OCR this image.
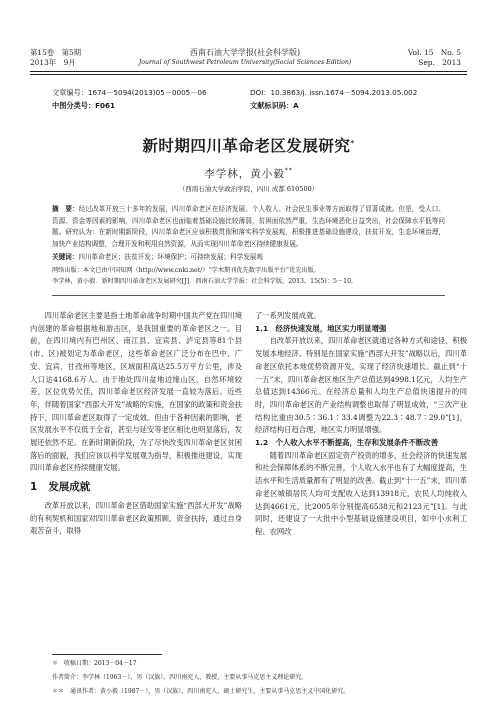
第15卷　第5期
2013年　9月
西南石油大学学报(社会科学版)
Journal of Southwest Petroleum University(Social Sciences Edition)
Vol. 15　No. 5
Sep.　2013
文章编号：1674－5094(2013)05－0005－06	DOI：10.3863/j. issn.1674－5094.2013.05.002
中图分类号：F061	文献标识码：A
新时期四川革命老区发展研究*
李学林，黄小毅**
（西南石油大学政治学院，四川 成都 610500）
摘　要：经过改革开放三十多年的发展，四川革命老区在经济发展、个人收入、社会民生事业等方面取得了显著成就。但是，受人口、资源、资金等因素的影响，四川革命老区也面临着基础设施比较薄弱，贫困面依然严重，生态环境恶化日益突出，社会保障水平低等问题。研究认为：在新时期新阶段，四川革命老区应该积极贯彻和落实科学发展观，积极推进基础设施建设，扶贫开发，生态环境治理，加快产业结构调整，合理开发和利用自然资源，从而实现四川革命老区持续健康发展。
关键词：四川革命老区；扶贫开发；环境保护；可持续发展；科学发展观
网络出版：本文已由中国知网（http://www.cnki.net/）“学术期刊优先数字出版平台”优先出版。
李学林，黄小毅．新时期四川革命老区发展研究[J]．西南石油大学学报：社会科学版，2013，15(5)：5－10.

四川革命老区主要是指土地革命战争时期中国共产党在四川境内创建的革命根据地和游击区，是我国重要的革命老区之一。目前，在四川境内有巴州区、南江县、宜宾县、泸定县等81个县(市、区)被划定为革命老区，这些革命老区广泛分布在巴中、广安、宜宾、甘孜州等地区，区域面积高达25.5万平方公里，涉及人口达4168.6万人。由于地处四川盆地边缘山区，自然环境较差，区位优势欠佳，四川革命老区经济发展一直较为落后。近些年，伴随着国家“西部大开发”战略的实施，在国家的政策和资金扶持下，四川革命老区取得了一定成效。但由于各种因素的影响，老区发展水平不仅低于全省，甚至与延安等老区相比也明显落后，发展还依然不足。在新时期新阶段，为了尽快改变四川革命老区贫困落后的面貌，我们应该以科学发展观为指导，积极推进建设，实现四川革命老区持续健康发展。

1 发展成就

改革开放以来，四川革命老区借助国家实施“西部大开发”战略的有利契机和国家对四川革命老区政策照顾、资金扶持，通过自身艰苦奋斗，取得

了一系列发展成就。

1.1　经济快速发展，地区实力明显增强

自改革开放以来，四川革命老区就通过各种方式和途径，积极发展本地经济。特别是在国家实施“西部大开发”战略以后，四川革命老区依托本地优势资源开发，实现了经济快速增长。截止到“十一五”末，四川革命老区地区生产总值达到4998.1亿元，人均生产总值达到14366元。在经济总量和人均生产总值快速提升的同时，四川革命老区的产业结构调整也取得了明显成效，“三次产业结构比重由30.5∶36.1∶33.4调整为22.3∶48.7∶29.0”[1]，经济结构日趋合理，地区实力明显增强。

1.2　个人收入水平不断提高，生存和发展条件不断改善

随着四川革命老区固定资产投资的增多，社会经济的快速发展和社会保障体系的不断完善，个人收入水平也有了大幅度提高，生活水平和生活质量都有了明显的改善。截止到“十一五”末，四川革命老区城镇居民人均可支配收入达到13918元，农民人均纯收入达到4661元，比2005年分别提高6538元和2123元”[1]。与此同时，还建设了一大批中小型基础设施建设项目，如中小水利工程、农网改

＊　收稿日期：2013－04－17
作者简介：李学林（1963－），男（汉族），四川南充人，教授，主要从事马克思主义理论研究。
＊＊　通讯作者：黄小毅（1987－），男（汉族），四川南充人，硕士研究生，主要从事马克思主义中国化研究。
